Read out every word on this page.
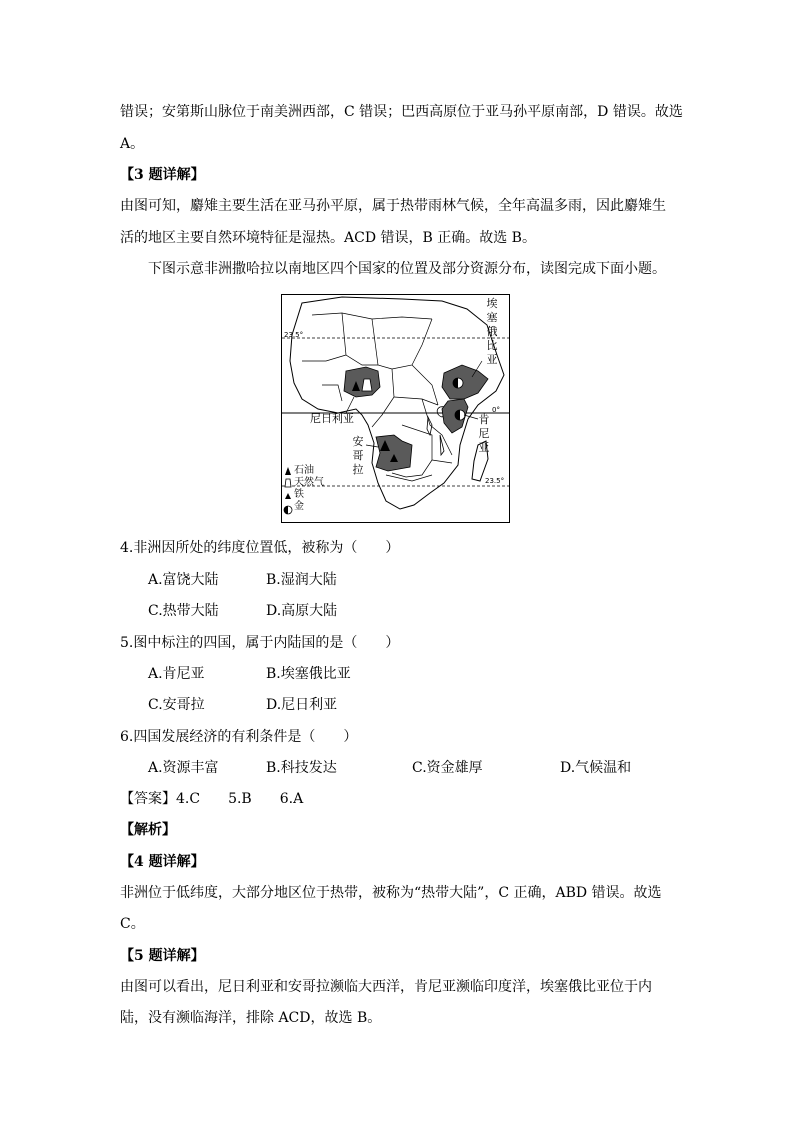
错误；安第斯山脉位于南美洲西部，C 错误；巴西高原位于亚马孙平原南部，D 错误。故选
A。
【3 题详解】
由图可知，麝雉主要生活在亚马孙平原，属于热带雨林气候，全年高温多雨，因此麝雉生
活的地区主要自然环境特征是湿热。ACD 错误，B 正确。故选 B。
下图示意非洲撒哈拉以南地区四个国家的位置及部分资源分布，读图完成下面小题。
23.5°
0°
23.5°
埃塞俄比亚
尼日利亚
安哥拉
肯尼亚
石油
天然气
铁
金
4.非洲因所处的纬度位置低，被称为（　　）
A.富饶大陆	B.湿润大陆
C.热带大陆	D.高原大陆
5.图中标注的四国，属于内陆国的是（　　）
A.肯尼亚	B.埃塞俄比亚
C.安哥拉	D.尼日利亚
6.四国发展经济的有利条件是（　　）
A.资源丰富	B.科技发达	C.资金雄厚	D.气候温和
【答案】4.C　　5.B　　6.A
【解析】
【4 题详解】
非洲位于低纬度，大部分地区位于热带，被称为“热带大陆”，C 正确，ABD 错误。故选
C。
【5 题详解】
由图可以看出，尼日利亚和安哥拉濒临大西洋，肯尼亚濒临印度洋，埃塞俄比亚位于内
陆，没有濒临海洋，排除 ACD，故选 B。
